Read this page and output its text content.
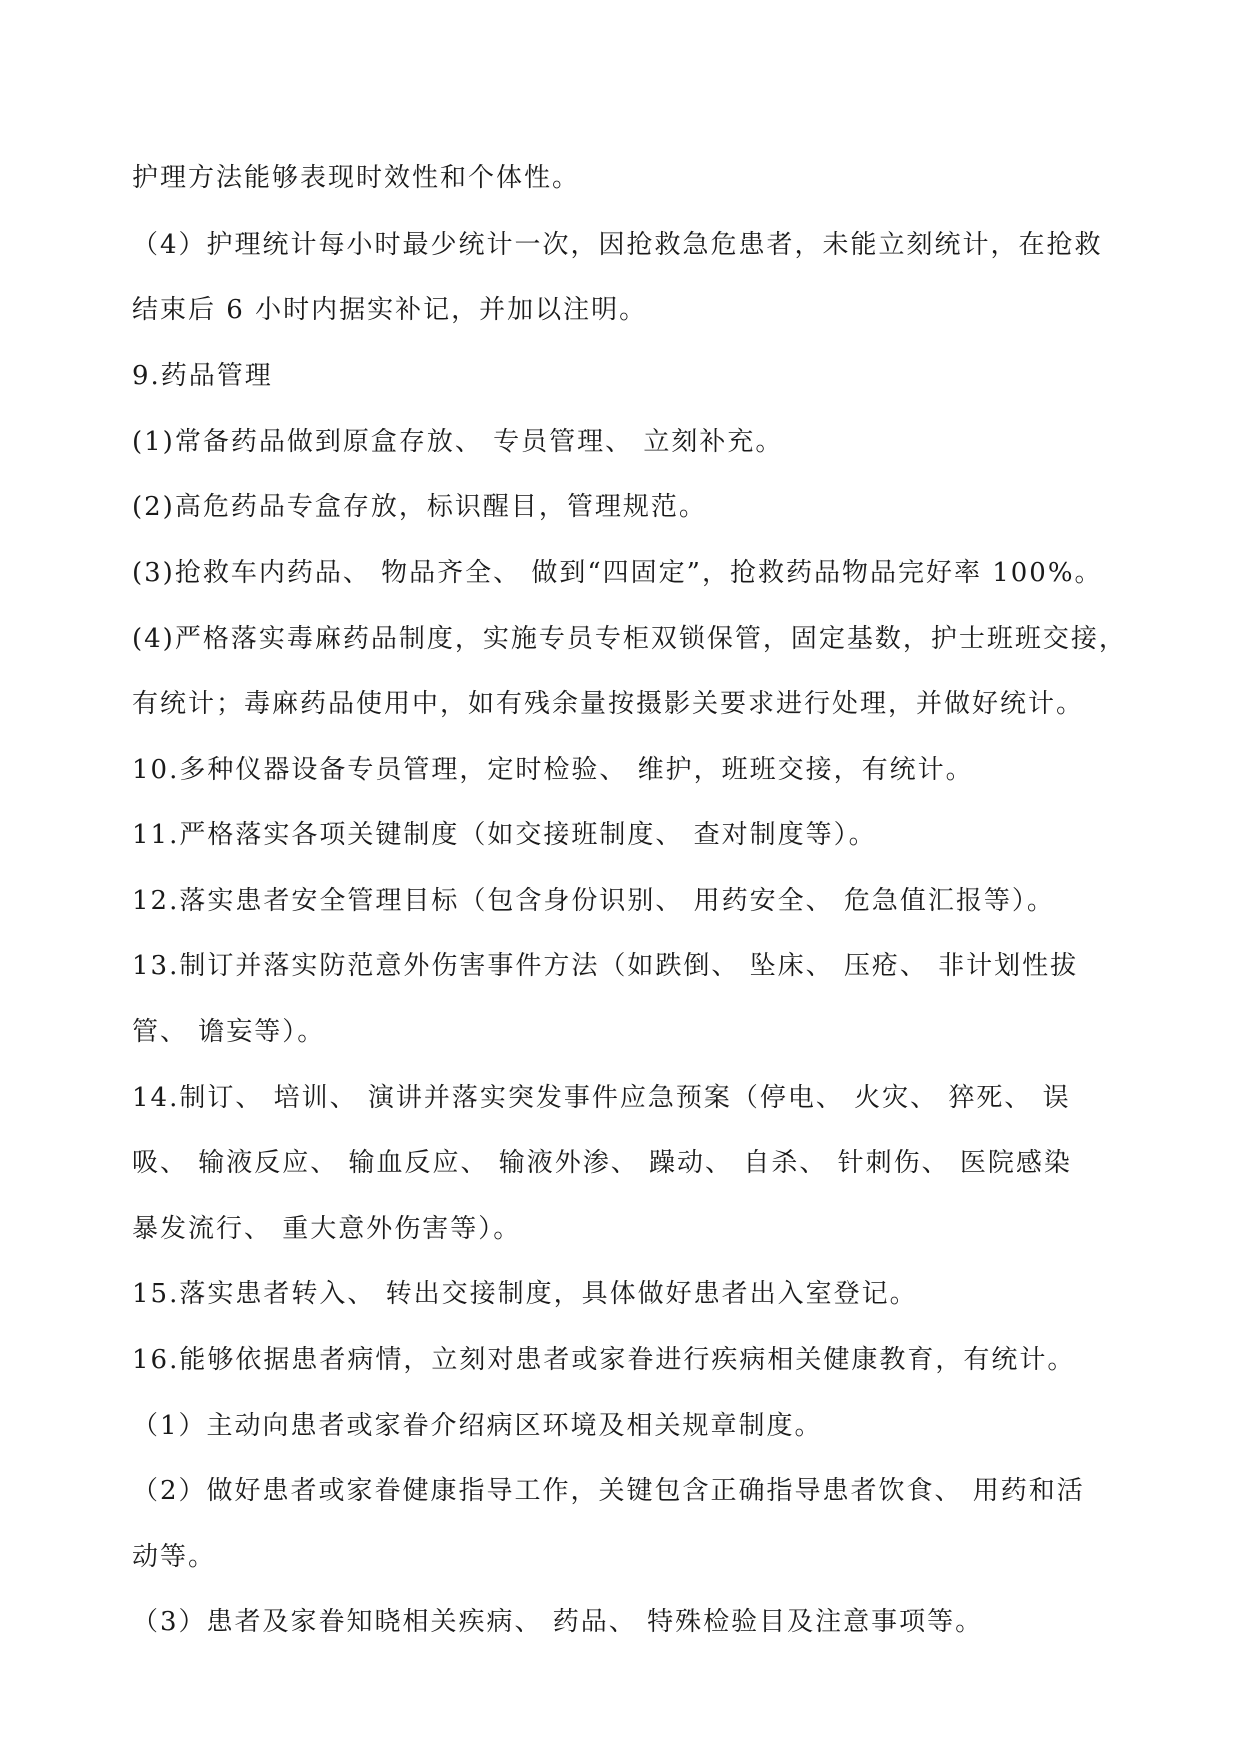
护理方法能够表现时效性和个体性。
（4）护理统计每小时最少统计一次，因抢救急危患者，未能立刻统计，在抢救
结束后 6 小时内据实补记，并加以注明。
9.药品管理
(1)常备药品做到原盒存放、 专员管理、 立刻补充。
(2)高危药品专盒存放，标识醒目，管理规范。
(3)抢救车内药品、 物品齐全、 做到“四固定”，抢救药品物品完好率 100%。
(4)严格落实毒麻药品制度，实施专员专柜双锁保管，固定基数，护士班班交接，
有统计；毒麻药品使用中，如有残余量按摄影关要求进行处理，并做好统计。
10.多种仪器设备专员管理，定时检验、 维护，班班交接，有统计。
11.严格落实各项关键制度（如交接班制度、 查对制度等）。
12.落实患者安全管理目标（包含身份识别、 用药安全、 危急值汇报等）。
13.制订并落实防范意外伤害事件方法（如跌倒、 坠床、 压疮、 非计划性拔
管、 谵妄等）。
14.制订、 培训、 演讲并落实突发事件应急预案（停电、 火灾、 猝死、 误
吸、 输液反应、 输血反应、 输液外渗、 躁动、 自杀、 针刺伤、 医院感染
暴发流行、 重大意外伤害等）。
15.落实患者转入、 转出交接制度，具体做好患者出入室登记。
16.能够依据患者病情，立刻对患者或家眷进行疾病相关健康教育，有统计。
（1）主动向患者或家眷介绍病区环境及相关规章制度。
（2）做好患者或家眷健康指导工作，关键包含正确指导患者饮食、 用药和活
动等。
（3）患者及家眷知晓相关疾病、 药品、 特殊检验目及注意事项等。
